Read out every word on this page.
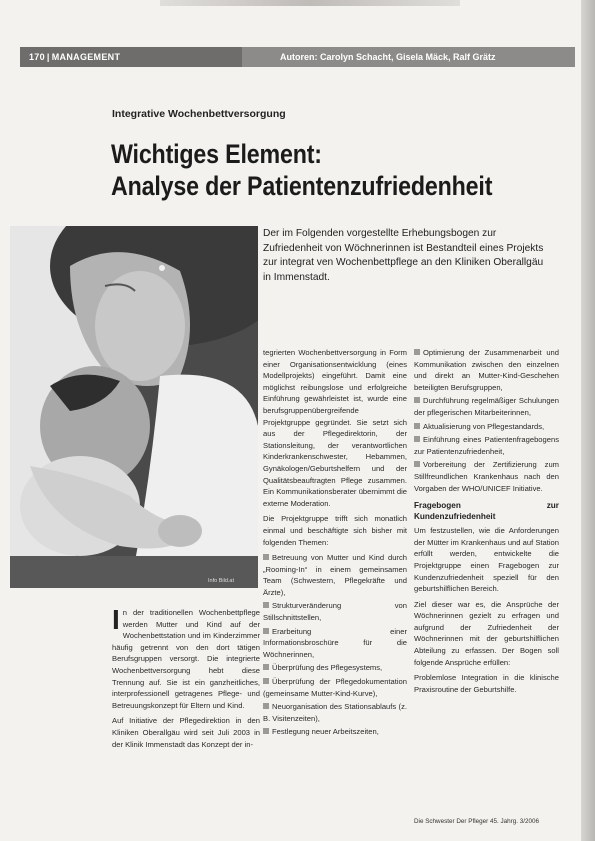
170 | MANAGEMENT	Autoren: Carolyn Schacht, Gisela Mäck, Ralf Grätz
Integrative Wochenbettversorgung
Wichtiges Element:
Analyse der Patientenzufriedenheit

Der im Folgenden vorgestellte Erhebungsbogen zur Zufriedenheit von Wöchnerinnen ist Bestandteil eines Projekts zur integrat ven Wochenbettpflege an den Kliniken Oberallgäu in Immenstadt.

Info Bild.at

In der traditionellen Wochenbettpflege werden Mutter und Kind auf der Wochenbettstation und im Kinderzimmer häufig getrennt von den dort tätigen Berufsgruppen versorgt. Die integrierte Wochenbettversorgung hebt diese Trennung auf. Sie ist ein ganzheitliches, interprofessionell getragenes Pflege- und Betreuungskonzept für Eltern und Kind.

Auf Initiative der Pflegedirektion in den Kliniken Oberallgäu wird seit Juli 2003 in der Klinik Immenstadt das Konzept der in-

tegrierten Wochenbettversorgung in Form einer Organisationsentwicklung (eines Modellprojekts) eingeführt. Damit eine möglichst reibungslose und erfolgreiche Einführung gewährleistet ist, wurde eine berufsgruppenübergreifende Projektgruppe gegründet. Sie setzt sich aus der Pflegedirektorin, der Stationsleitung, der verantwortlichen Kinderkrankenschwester, Hebammen, Gynäkologen/Geburtshelfern und der Qualitätsbeauftragten Pflege zusammen. Ein Kommunikationsberater übernimmt die externe Moderation.

Die Projektgruppe trifft sich monatlich einmal und beschäftigte sich bisher mit folgenden Themen:

Betreuung von Mutter und Kind durch „Rooming-In“ in einem gemeinsamen Team (Schwestern, Pflegekräfte und Ärzte),
Strukturveränderung von Stillschnittstellen,
Erarbeitung einer Informationsbroschüre für die Wöchnerinnen,
Überprüfung des Pflegesystems,
Überprüfung der Pflegedokumentation (gemeinsame Mutter-Kind-Kurve),
Neuorganisation des Stationsablaufs (z. B. Visitenzeiten),
Festlegung neuer Arbeitszeiten,
Optimierung der Zusammenarbeit und Kommunikation zwischen den einzelnen und direkt an Mutter-Kind-Geschehen beteiligten Berufsgruppen,
Durchführung regelmäßiger Schulungen der pflegerischen Mitarbeiterinnen,
Aktualisierung von Pflegestandards,
Einführung eines Patientenfragebogens zur Patientenzufriedenheit,
Vorbereitung der Zertifizierung zum Stillfreundlichen Krankenhaus nach den Vorgaben der WHO/UNICEF Initiative.
Fragebogen zur Kundenzufriedenheit

Um festzustellen, wie die Anforderungen der Mütter im Krankenhaus und auf Station erfüllt werden, entwickelte die Projektgruppe einen Fragebogen zur Kundenzufriedenheit speziell für den geburtshilflichen Bereich.

Ziel dieser war es, die Ansprüche der Wöchnerinnen gezielt zu erfragen und aufgrund der Zufriedenheit der Wöchnerinnen mit der geburtshilflichen Abteilung zu erfassen. Der Bogen soll folgende Ansprüche erfüllen:

Problemlose Integration in die klinische Praxisroutine der Geburtshilfe.

Die Schwester Der Pfleger 45. Jahrg. 3/2006
